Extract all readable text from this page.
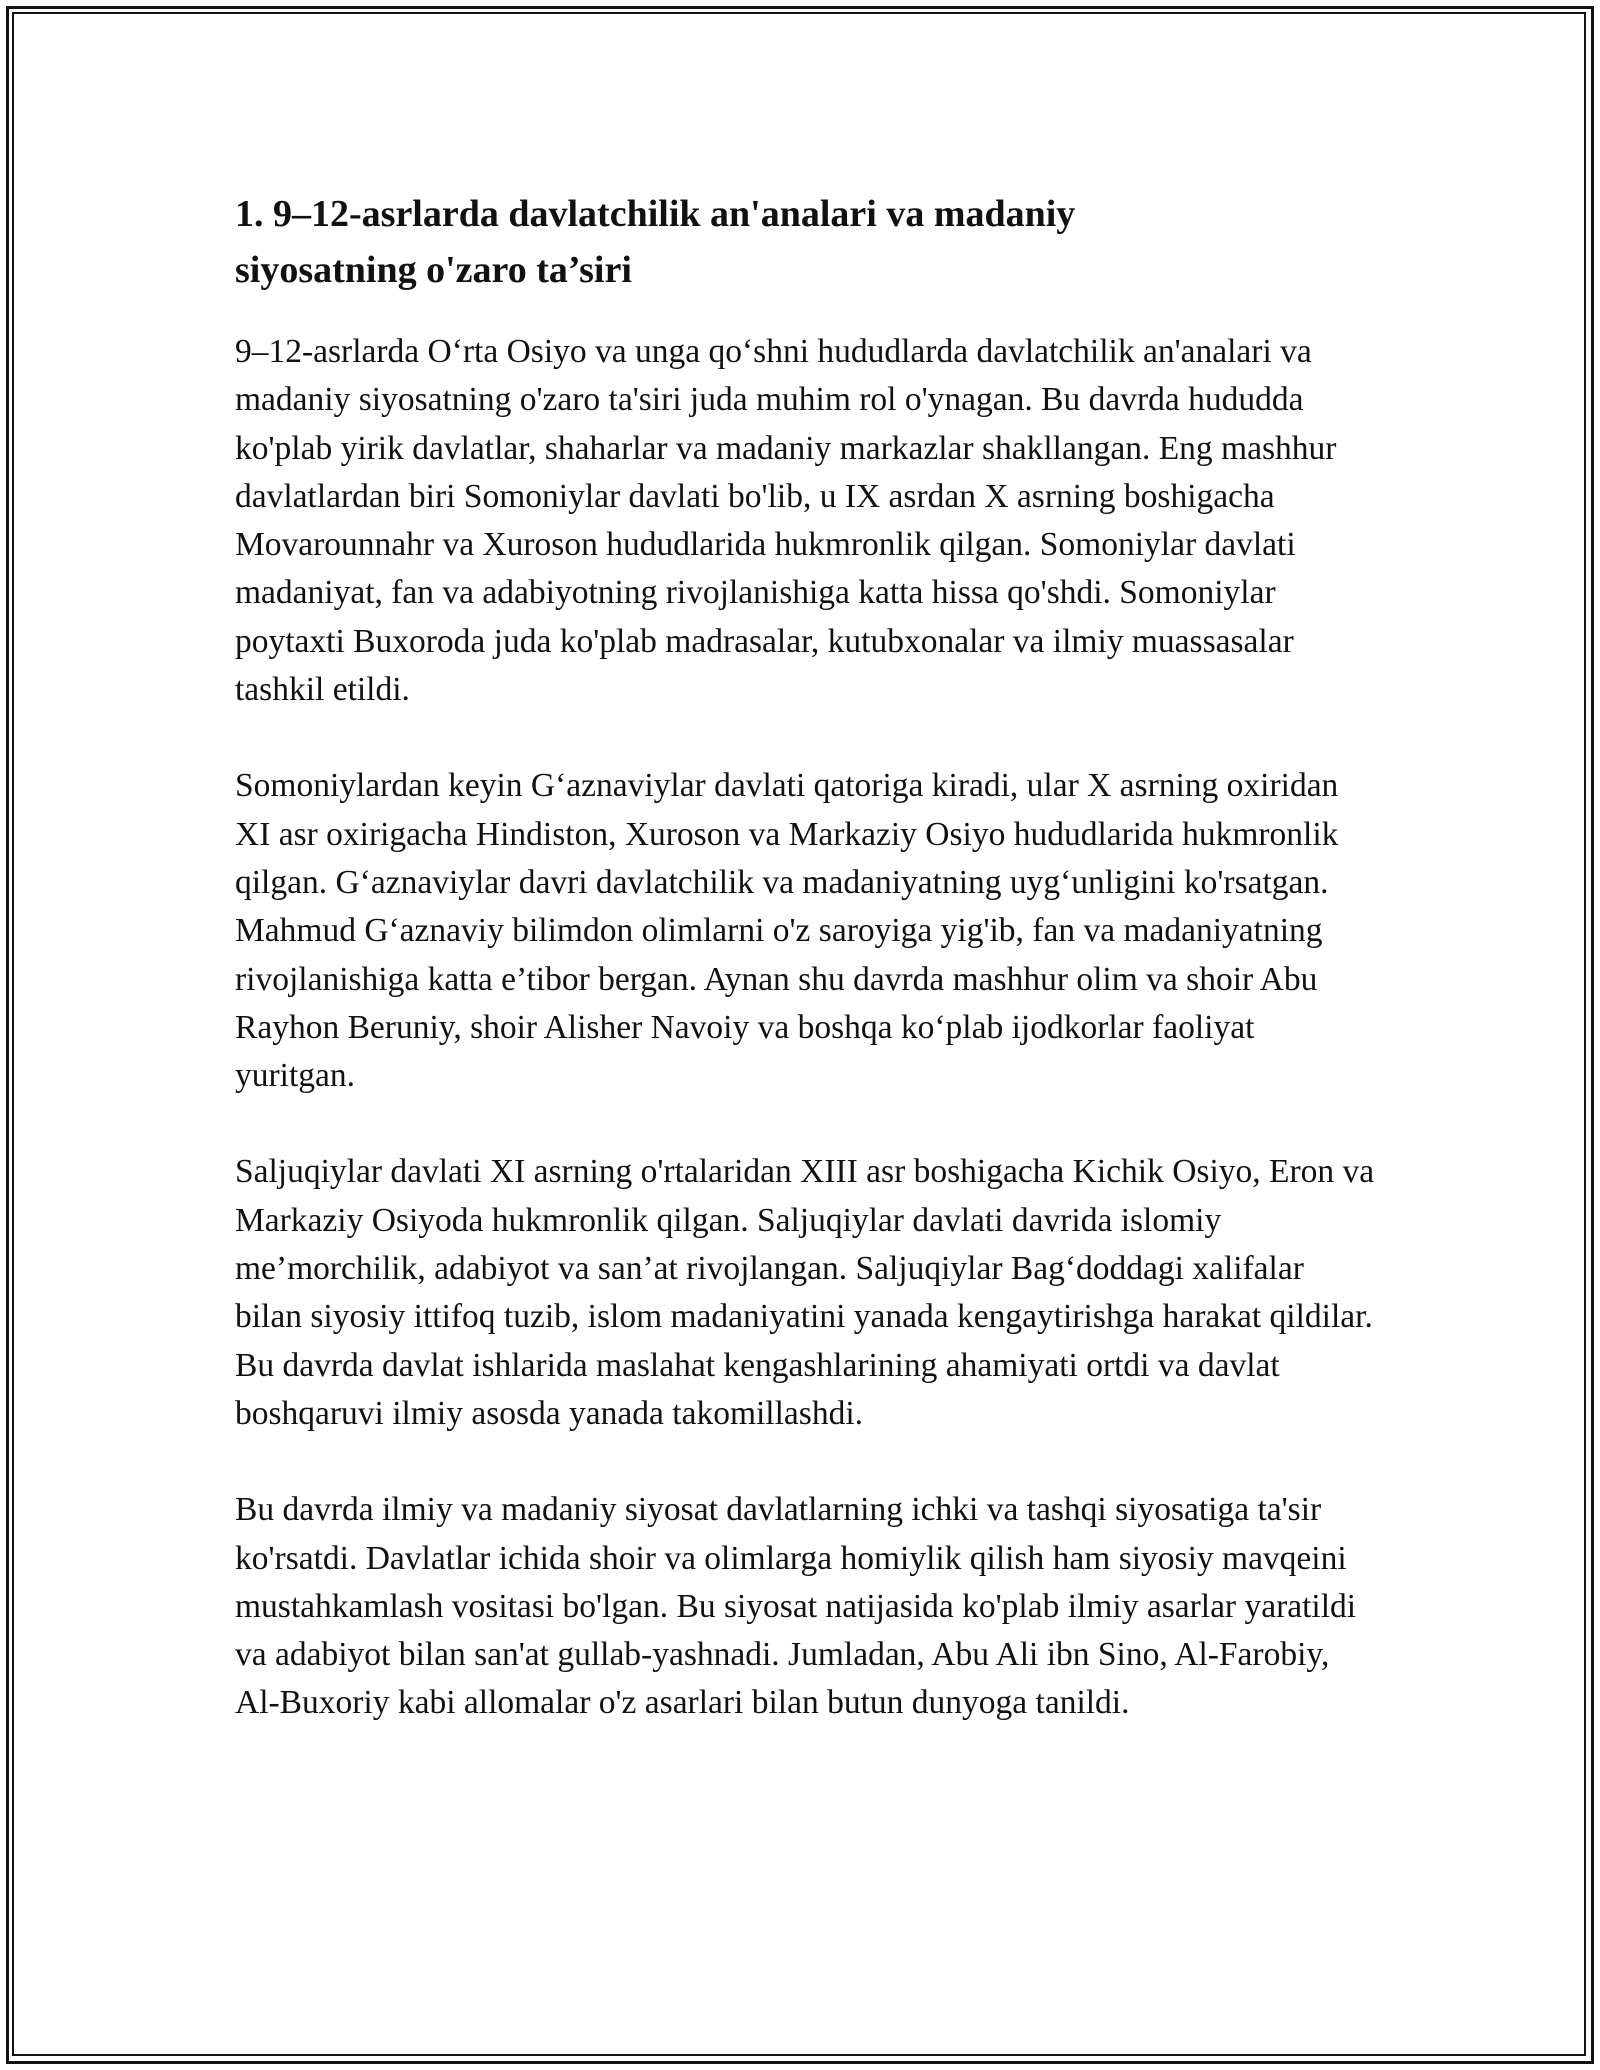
1. 9–12-asrlarda davlatchilik an'analari va madaniy siyosatning o'zaro ta’siri

9–12-asrlarda O‘rta Osiyo va unga qo‘shni hududlarda davlatchilik an'analari va madaniy siyosatning o'zaro ta'siri juda muhim rol o'ynagan. Bu davrda hududda ko'plab yirik davlatlar, shaharlar va madaniy markazlar shakllangan. Eng mashhur davlatlardan biri Somoniylar davlati bo'lib, u IX asrdan X asrning boshigacha Movarounnahr va Xuroson hududlarida hukmronlik qilgan. Somoniylar davlati madaniyat, fan va adabiyotning rivojlanishiga katta hissa qo'shdi. Somoniylar poytaxti Buxoroda juda ko'plab madrasalar, kutubxonalar va ilmiy muassasalar tashkil etildi.

Somoniylardan keyin G‘aznaviylar davlati qatoriga kiradi, ular X asrning oxiridan XI asr oxirigacha Hindiston, Xuroson va Markaziy Osiyo hududlarida hukmronlik qilgan. G‘aznaviylar davri davlatchilik va madaniyatning uyg‘unligini ko'rsatgan. Mahmud G‘aznaviy bilimdon olimlarni o'z saroyiga yig'ib, fan va madaniyatning rivojlanishiga katta e’tibor bergan. Aynan shu davrda mashhur olim va shoir Abu Rayhon Beruniy, shoir Alisher Navoiy va boshqa ko‘plab ijodkorlar faoliyat yuritgan.

Saljuqiylar davlati XI asrning o'rtalaridan XIII asr boshigacha Kichik Osiyo, Eron va Markaziy Osiyoda hukmronlik qilgan. Saljuqiylar davlati davrida islomiy me’morchilik, adabiyot va san’at rivojlangan. Saljuqiylar Bag‘doddagi xalifalar bilan siyosiy ittifoq tuzib, islom madaniyatini yanada kengaytirishga harakat qildilar. Bu davrda davlat ishlarida maslahat kengashlarining ahamiyati ortdi va davlat boshqaruvi ilmiy asosda yanada takomillashdi.

Bu davrda ilmiy va madaniy siyosat davlatlarning ichki va tashqi siyosatiga ta'sir ko'rsatdi. Davlatlar ichida shoir va olimlarga homiylik qilish ham siyosiy mavqeini mustahkamlash vositasi bo'lgan. Bu siyosat natijasida ko'plab ilmiy asarlar yaratildi va adabiyot bilan san'at gullab-yashnadi. Jumladan, Abu Ali ibn Sino, Al-Farobiy, Al-Buxoriy kabi allomalar o'z asarlari bilan butun dunyoga tanildi.
